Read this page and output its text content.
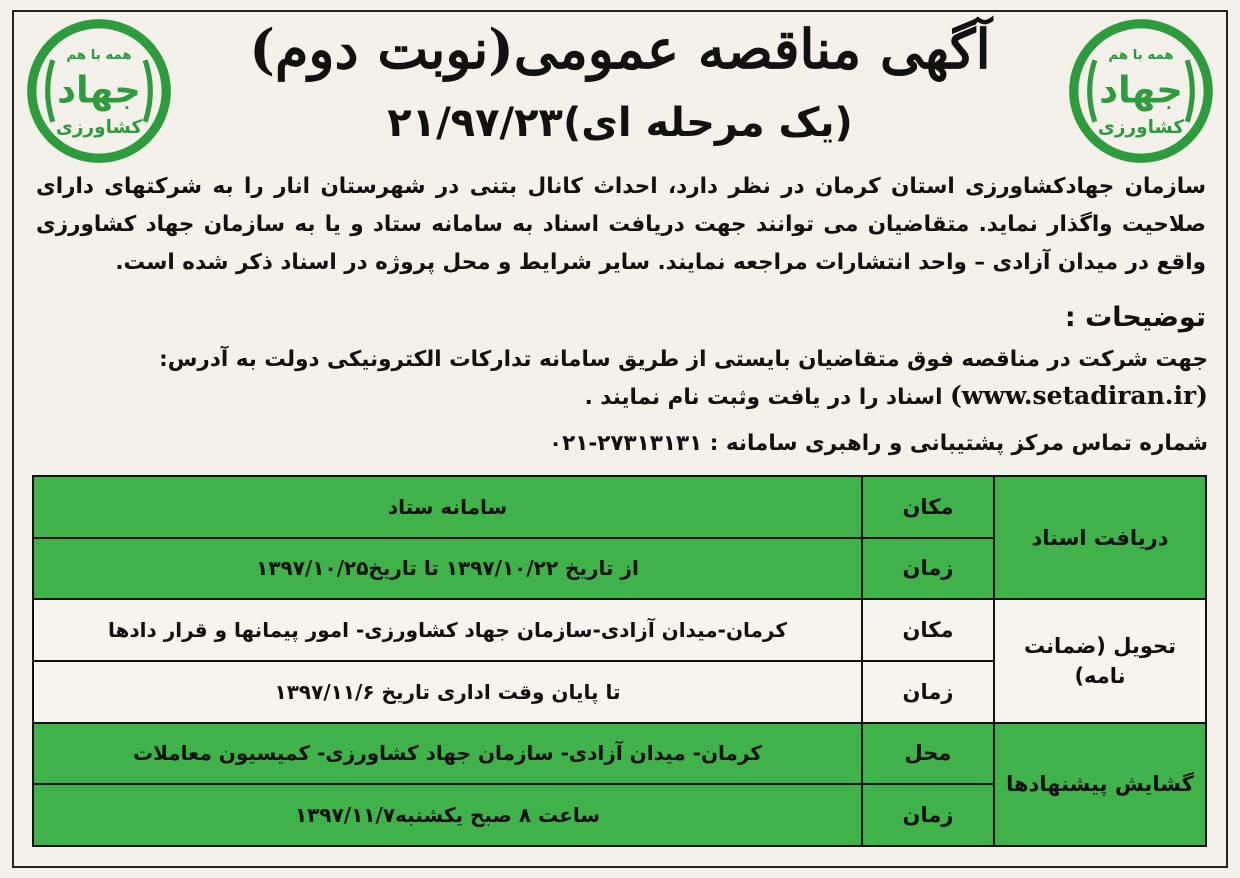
همه با هم
جهاد
کشاورزی
همه با هم
جهاد
کشاورزی
آگهی مناقصه عمومی(نوبت دوم)
(یک مرحله ای)۲۱/۹۷/۲۳

سازمان جهادکشاورزی استان کرمان در نظر دارد، احداث کانال بتنی در شهرستان انار را به شرکتهای دارای صلاحیت واگذار نماید. متقاضیان می توانند جهت دریافت اسناد به سامانه ستاد و یا به سازمان جهاد کشاورزی واقع در میدان آزادی – واحد انتشارات مراجعه نمایند. سایر شرایط و محل پروژه در اسناد ذکر شده است.

توضیحات :

جهت شرکت در مناقصه فوق متقاضیان بایستی از طریق سامانه تدارکات الکترونیکی دولت به آدرس:(www.setadiran.ir) اسناد را در یافت وثبت نام نمایند .

شماره تماس مرکز پشتیبانی و راهبری سامانه : ۲۷۳۱۳۱۳۱-۰۲۱

دریافت اسناد	مکان	سامانه ستاد
	زمان	از تاریخ ۱۳۹۷/۱۰/۲۲ تا تاریخ۱۳۹۷/۱۰/۲۵
تحویل (ضمانت نامه)	مکان	کرمان-میدان آزادی-سازمان جهاد کشاورزی- امور پیمانها و قرار دادها
	زمان	تا پایان وقت اداری تاریخ ۱۳۹۷/۱۱/۶
گشایش پیشنهادها	محل	کرمان- میدان آزادی- سازمان جهاد کشاورزی- کمیسیون معاملات
	زمان	ساعت ۸ صبح یکشنبه۱۳۹۷/۱۱/۷
